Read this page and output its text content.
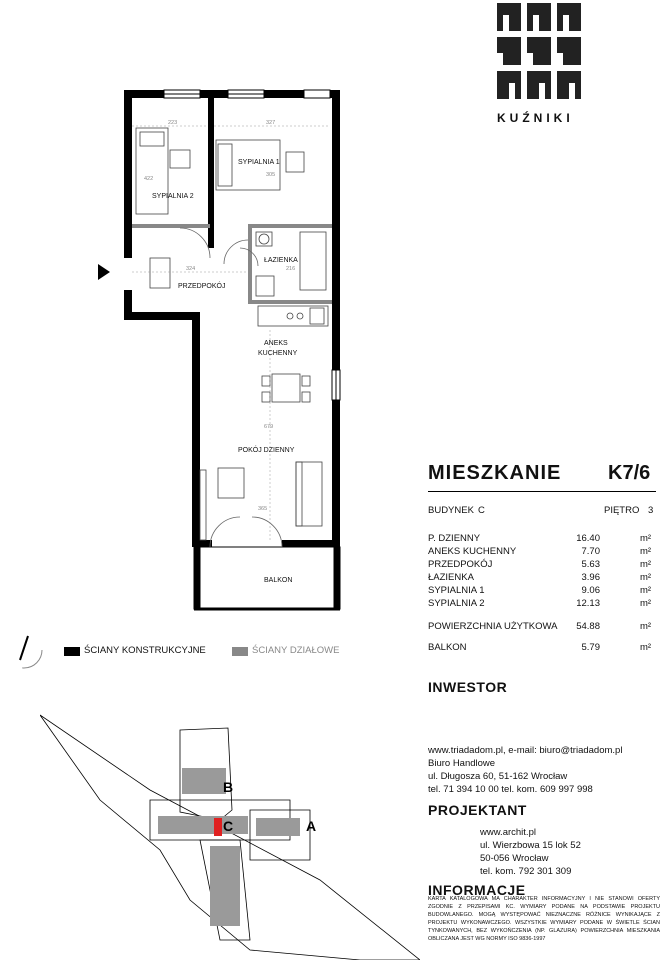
KUŹNIKI
SYPIALNIA 2
SYPIALNIA 1
ŁAZIENKA
PRZEDPOKÓJ
ANEKS
KUCHENNY
POKÓJ DZIENNY
BALKON
223	327
324	216
679
365
422
305
ŚCIANY KONSTRUKCYJNE	ŚCIANY DZIAŁOWE
MIESZKANIE K7/6
BUDYNEK C	PIĘTRO 3
P. DZIENNY	16.40	m²
ANEKS KUCHENNY	7.70	m²
PRZEDPOKÓJ	5.63	m²
ŁAZIENKA	3.96	m²
SYPIALNIA 1	9.06	m²
SYPIALNIA 2	12.13	m²
POWIERZCHNIA UŻYTKOWA	54.88	m²
BALKON	5.79	m²
INWESTOR
www.triadadom.pl, e-mail: biuro@triadadom.pl
Biuro Handlowe
ul. Długosza 60, 51-162 Wrocław
tel. 71 394 10 00 tel. kom. 609 997 998
PROJEKTANT
www.archit.pl
ul. Wierzbowa 15 lok 52
50-056 Wrocław
tel. kom. 792 301 309
INFORMACJE
KARTA KATALOGOWA MA CHARAKTER INFORMACYJNY I NIE STANOWI OFERTY ZGODNIE Z PRZEPISAMI KC. WYMIARY PODANE NA PODSTAWIE PROJEKTU BUDOWLANEGO. MOGĄ WYSTĘPOWAĆ NIEZNACZNE RÓŻNICE WYNIKAJĄCE Z PROJEKTU WYKONAWCZEGO. WSZYSTKIE WYMIARY PODANE W ŚWIETLE ŚCIAN TYNKOWANYCH, BEZ WYKOŃCZENIA (NP. GLAZURA) POWIERZCHNIA MIESZKANIA OBLICZANA JEST WG NORMY ISO 9836-1997
B
C	A
